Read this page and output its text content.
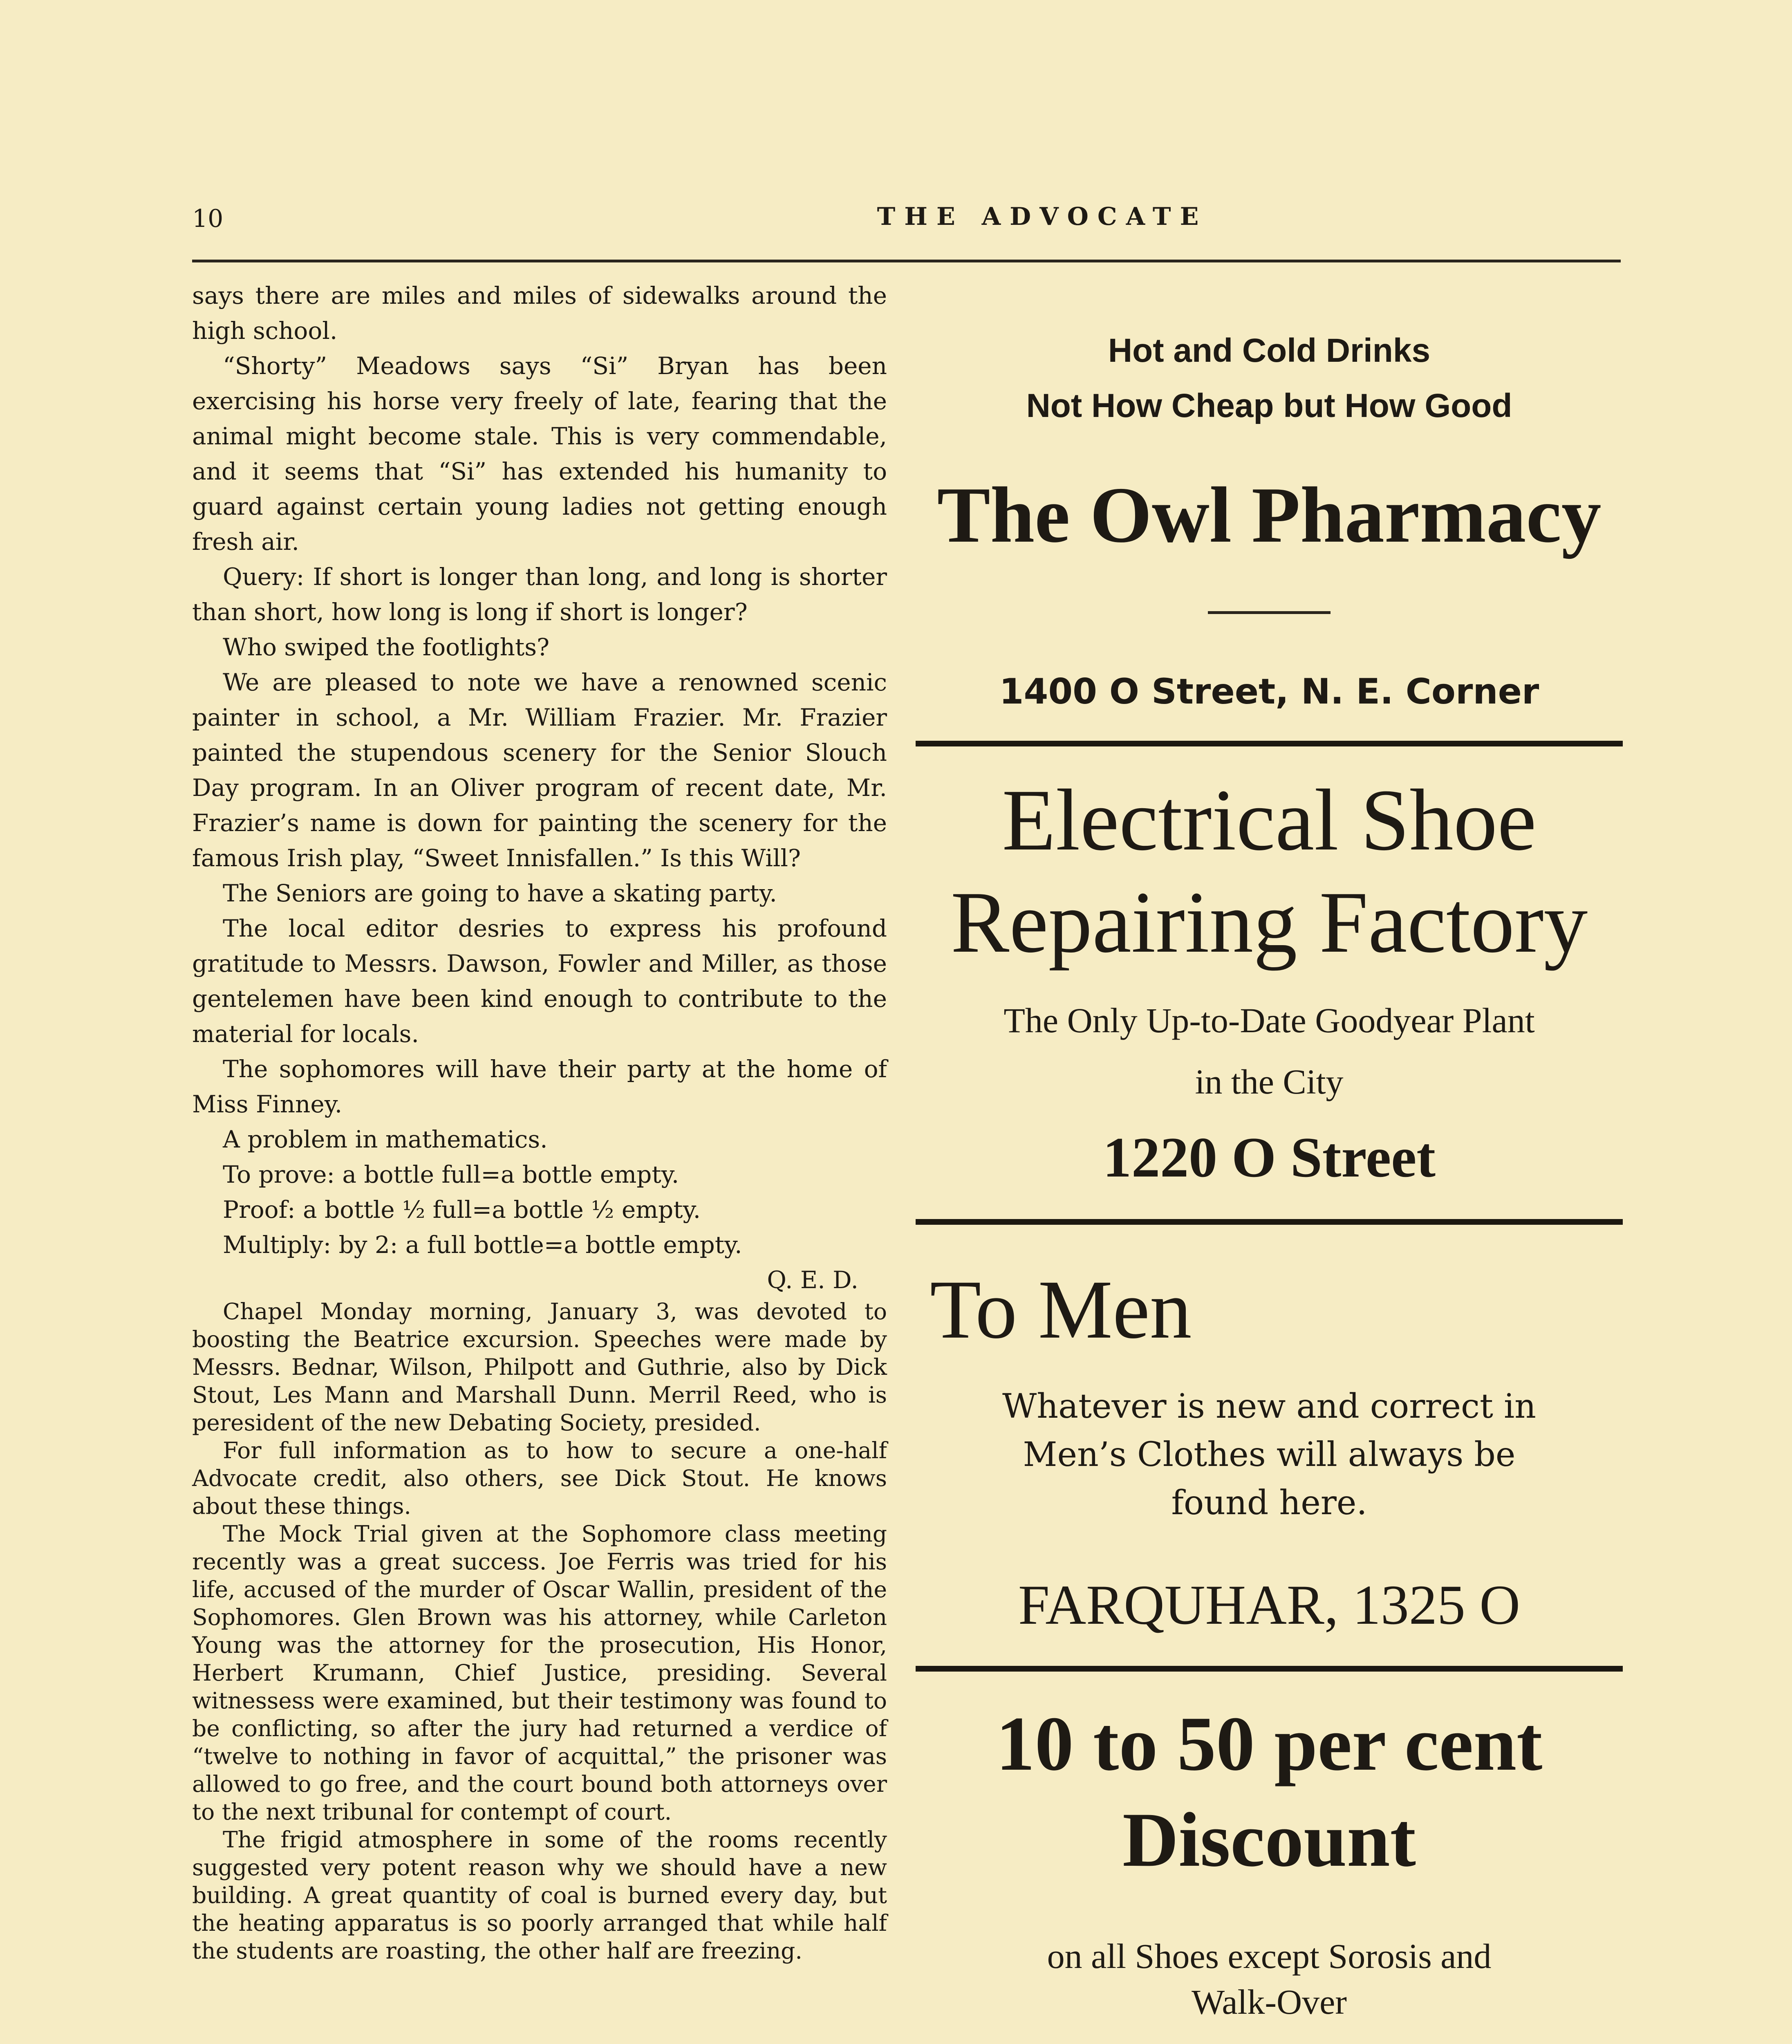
10	THE ADVOCATE

says there are miles and miles of sidewalks around the high school.

“Shorty” Meadows says “Si” Bryan has been exercising his horse very freely of late, fearing that the animal might become stale. This is very commendable, and it seems that “Si” has extended his humanity to guard against certain young ladies not getting enough fresh air.

Query: If short is longer than long, and long is shorter than short, how long is long if short is longer?

Who swiped the footlights?

We are pleased to note we have a renowned scenic painter in school, a Mr. William Frazier. Mr. Frazier painted the stupendous scenery for the Senior Slouch Day program. In an Oliver program of recent date, Mr. Frazier’s name is down for painting the scenery for the famous Irish play, “Sweet Innisfallen.” Is this Will?

The Seniors are going to have a skating party.

The local editor desries to express his profound gratitude to Messrs. Dawson, Fowler and Miller, as those gentelemen have been kind enough to contribute to the material for locals.

The sophomores will have their party at the home of Miss Finney.

A problem in mathematics.

To prove: a bottle full=a bottle empty.

Proof: a bottle ½ full=a bottle ½ empty.

Multiply: by 2: a full bottle=a bottle empty.

Q. E. D.

Chapel Monday morning, January 3, was devoted to boosting the Beatrice excursion. Speeches were made by Messrs. Bednar, Wilson, Philpott and Guthrie, also by Dick Stout, Les Mann and Marshall Dunn. Merril Reed, who is peresident of the new Debating Society, presided.

For full information as to how to secure a one-half Advocate credit, also others, see Dick Stout. He knows about these things.

The Mock Trial given at the Sophomore class meeting recently was a great success. Joe Ferris was tried for his life, accused of the murder of Oscar Wallin, president of the Sophomores. Glen Brown was his attorney, while Carleton Young was the attorney for the prosecution, His Honor, Herbert Krumann, Chief Justice, presiding. Several witnessess were examined, but their testimony was found to be conflicting, so after the jury had returned a verdice of “twelve to nothing in favor of acquittal,” the prisoner was allowed to go free, and the court bound both attorneys over to the next tribunal for contempt of court.

The frigid atmosphere in some of the rooms recently suggested very potent reason why we should have a new building. A great quantity of coal is burned every day, but the heating apparatus is so poorly arranged that while half the students are roasting, the other half are freezing.

Hot and Cold Drinks
Not How Cheap but How Good

The Owl Pharmacy

1400 O Street, N. E. Corner

Electrical Shoe
Repairing Factory

The Only Up-to-Date Goodyear Plant
in the City

1220 O Street

To Men

Whatever is new and correct in
Men’s Clothes will always be
found here.

FARQUHAR, 1325 O

10 to 50 per cent
Discount

on all Shoes except Sorosis and
Walk-Over
